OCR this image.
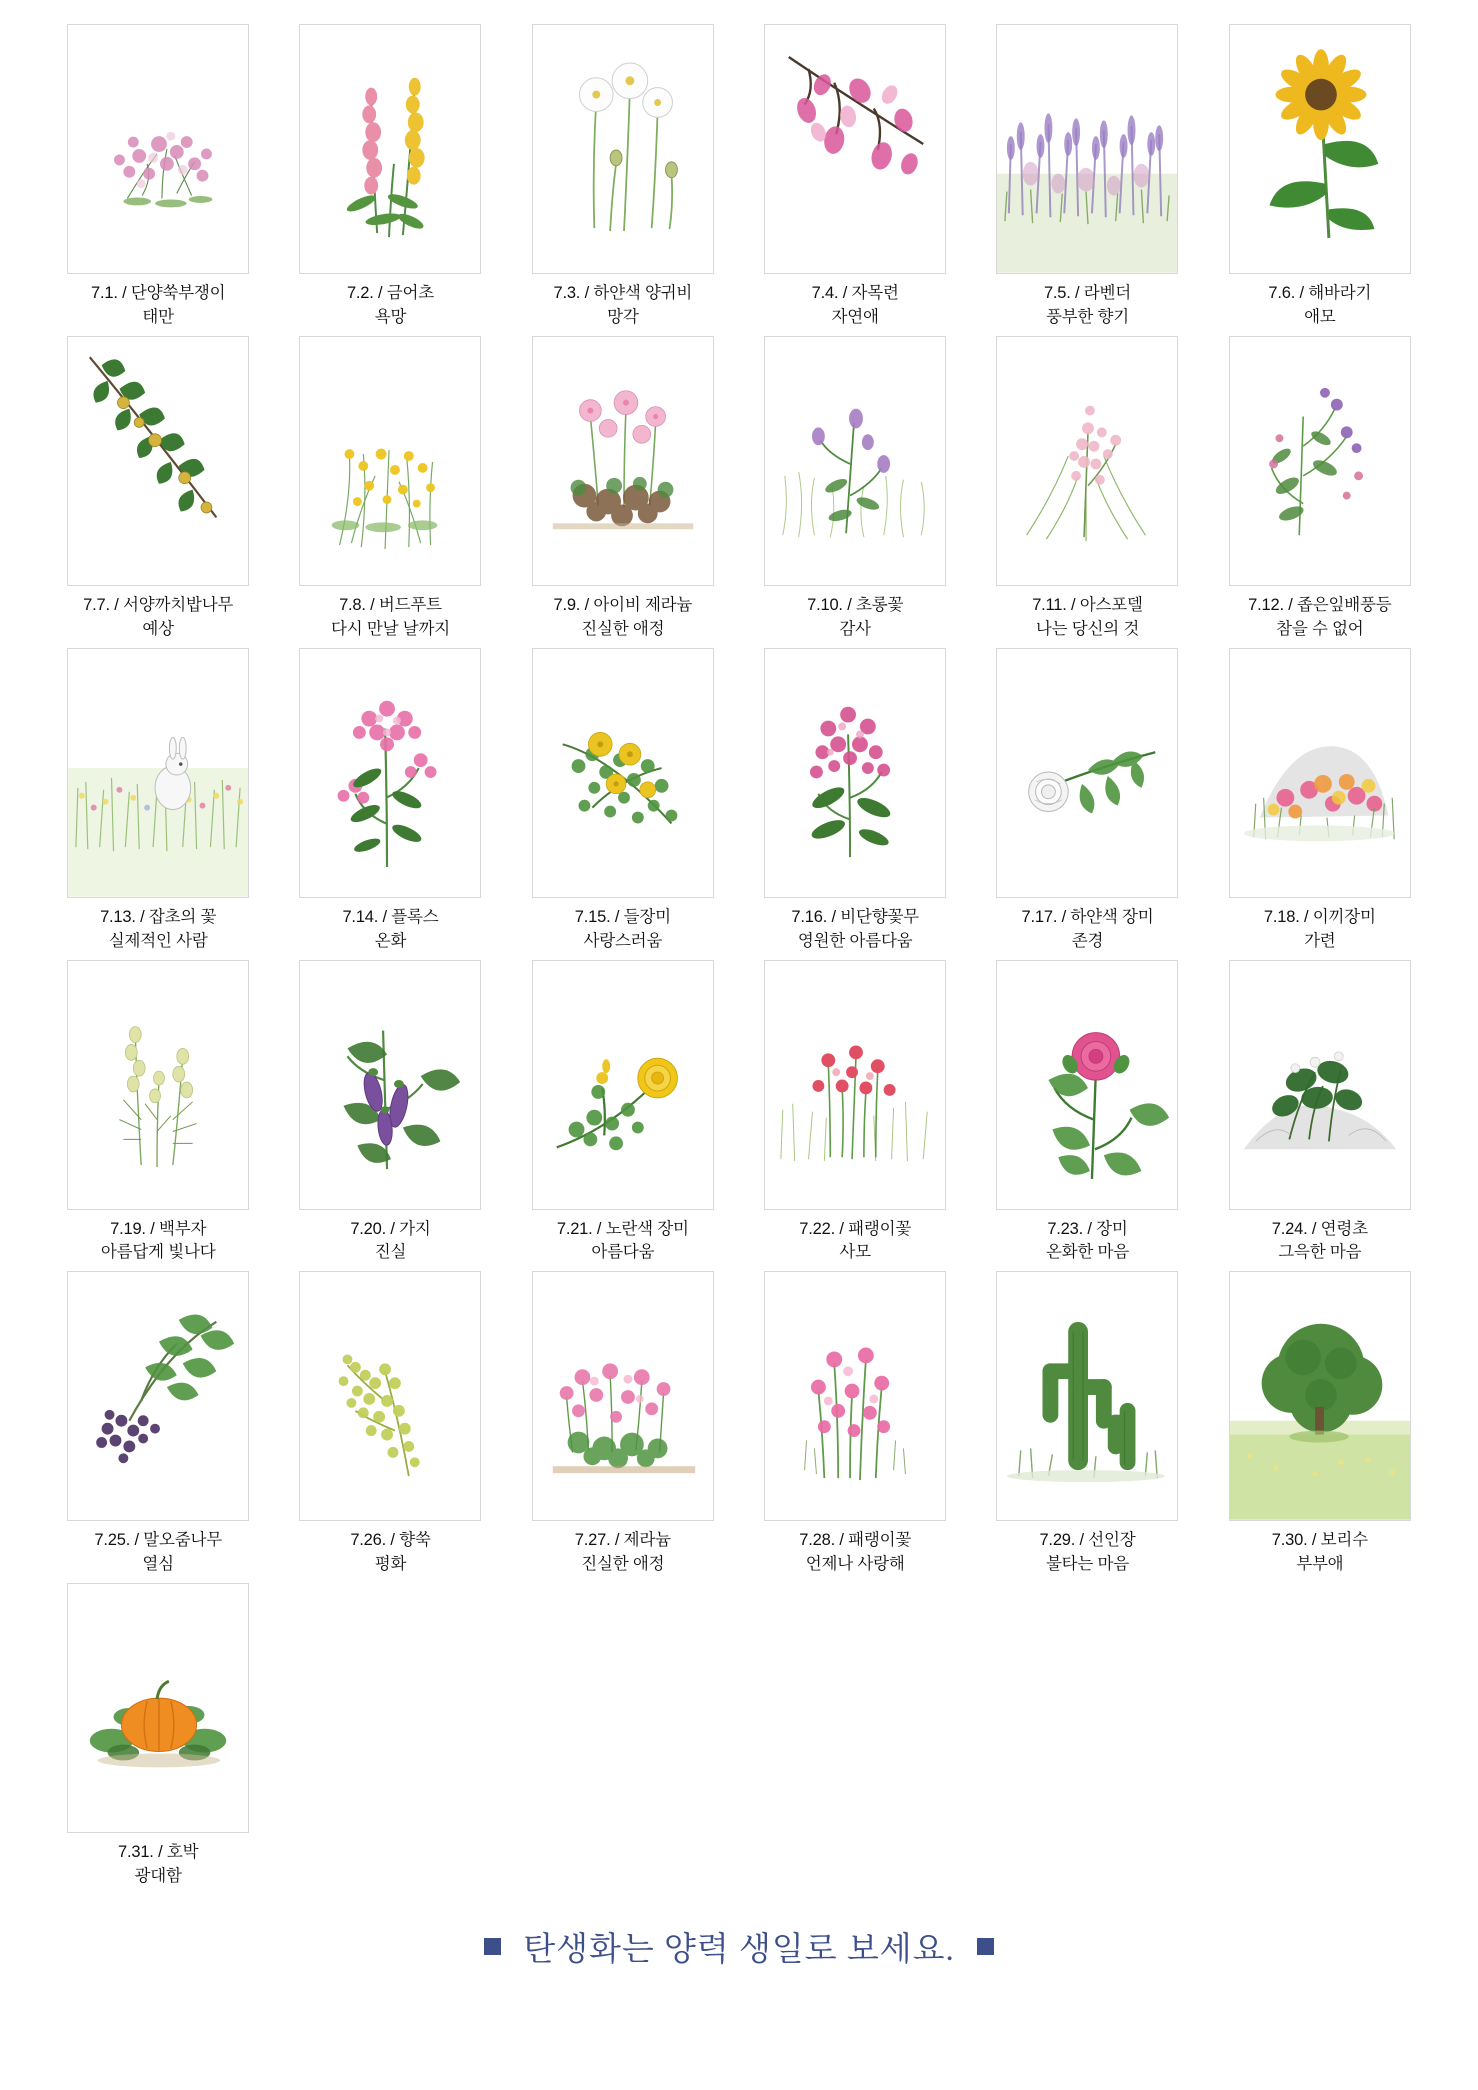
7.1. / 단양쑥부쟁이
태만
7.2. / 금어초
욕망
7.3. / 하얀색 양귀비
망각
7.4. / 자목련
자연애
7.5. / 라벤더
풍부한 향기
7.6. / 해바라기
애모
7.7. / 서양까치밥나무
예상
7.8. / 버드푸트
다시 만날 날까지
7.9. / 아이비 제라늄
진실한 애정
7.10. / 초롱꽃
감사
7.11. / 아스포델
나는 당신의 것
7.12. / 좁은잎배풍등
참을 수 없어
7.13. / 잡초의 꽃
실제적인 사람
7.14. / 플록스
온화
7.15. / 들장미
사랑스러움
7.16. / 비단향꽃무
영원한 아름다움
7.17. / 하얀색 장미
존경
7.18. / 이끼장미
가련
7.19. / 백부자
아름답게 빛나다
7.20. / 가지
진실
7.21. / 노란색 장미
아름다움
7.22. / 패랭이꽃
사모
7.23. / 장미
온화한 마음
7.24. / 연령초
그윽한 마음
7.25. / 말오줌나무
열심
7.26. / 향쑥
평화
7.27. / 제라늄
진실한 애정
7.28. / 패랭이꽃
언제나 사랑해
7.29. / 선인장
불타는 마음
7.30. / 보리수
부부애
7.31. / 호박
광대함
탄생화는 양력 생일로 보세요.
